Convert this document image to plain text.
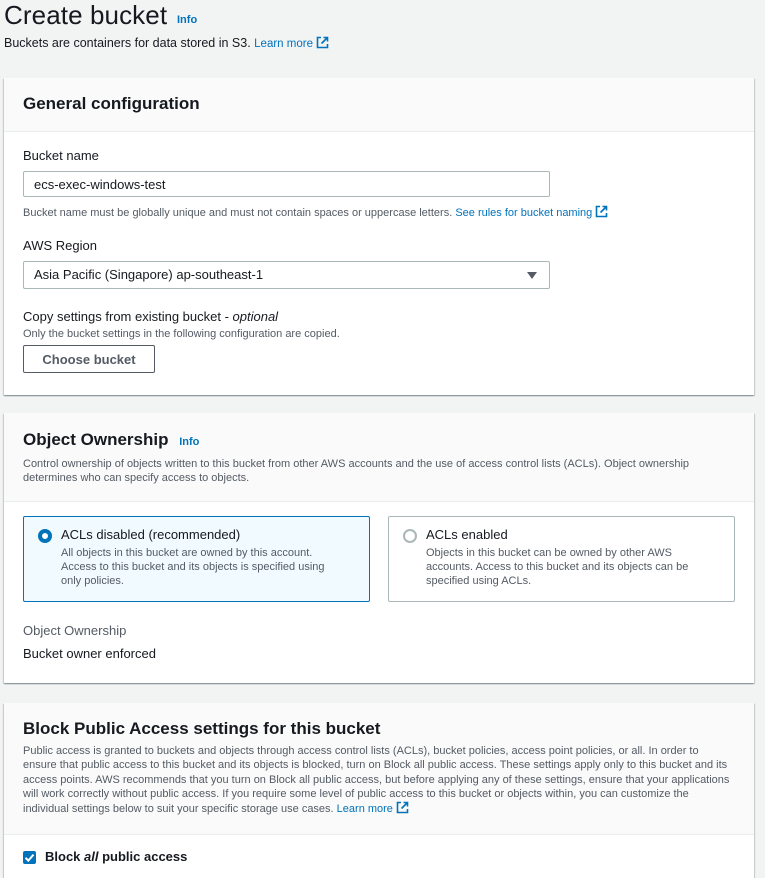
Create bucket Info
Buckets are containers for data stored in S3. Learn more
General configuration
Bucket name
ecs-exec-windows-test
Bucket name must be globally unique and must not contain spaces or uppercase letters. See rules for bucket naming
AWS Region
Asia Pacific (Singapore) ap-southeast-1
Copy settings from existing bucket - optional
Only the bucket settings in the following configuration are copied.
Choose bucket
Object Ownership Info
Control ownership of objects written to this bucket from other AWS accounts and the use of access control lists (ACLs). Object ownership determines who can specify access to objects.
ACLs disabled (recommended)
All objects in this bucket are owned by this account. Access to this bucket and its objects is specified using only policies.
ACLs enabled
Objects in this bucket can be owned by other AWS accounts. Access to this bucket and its objects can be specified using ACLs.
Object Ownership
Bucket owner enforced
Block Public Access settings for this bucket
Public access is granted to buckets and objects through access control lists (ACLs), bucket policies, access point policies, or all. In order to ensure that public access to this bucket and its objects is blocked, turn on Block all public access. These settings apply only to this bucket and its access points. AWS recommends that you turn on Block all public access, but before applying any of these settings, ensure that your applications will work correctly without public access. If you require some level of public access to this bucket or objects within, you can customize the individual settings below to suit your specific storage use cases. Learn more
Block all public access
